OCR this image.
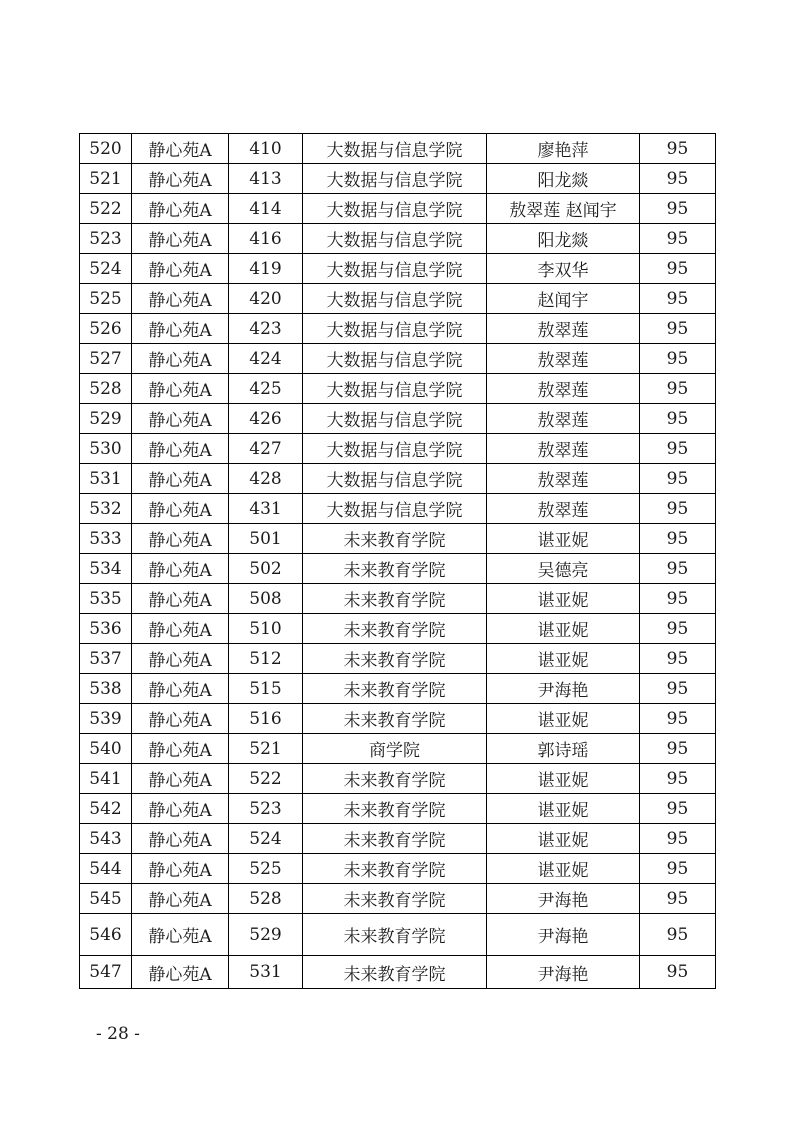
520	静心苑A	410	大数据与信息学院	廖艳萍	95
521	静心苑A	413	大数据与信息学院	阳龙燚	95
522	静心苑A	414	大数据与信息学院	敖翠莲 赵闻宇	95
523	静心苑A	416	大数据与信息学院	阳龙燚	95
524	静心苑A	419	大数据与信息学院	李双华	95
525	静心苑A	420	大数据与信息学院	赵闻宇	95
526	静心苑A	423	大数据与信息学院	敖翠莲	95
527	静心苑A	424	大数据与信息学院	敖翠莲	95
528	静心苑A	425	大数据与信息学院	敖翠莲	95
529	静心苑A	426	大数据与信息学院	敖翠莲	95
530	静心苑A	427	大数据与信息学院	敖翠莲	95
531	静心苑A	428	大数据与信息学院	敖翠莲	95
532	静心苑A	431	大数据与信息学院	敖翠莲	95
533	静心苑A	501	未来教育学院	谌亚妮	95
534	静心苑A	502	未来教育学院	吴德亮	95
535	静心苑A	508	未来教育学院	谌亚妮	95
536	静心苑A	510	未来教育学院	谌亚妮	95
537	静心苑A	512	未来教育学院	谌亚妮	95
538	静心苑A	515	未来教育学院	尹海艳	95
539	静心苑A	516	未来教育学院	谌亚妮	95
540	静心苑A	521	商学院	郭诗瑶	95
541	静心苑A	522	未来教育学院	谌亚妮	95
542	静心苑A	523	未来教育学院	谌亚妮	95
543	静心苑A	524	未来教育学院	谌亚妮	95
544	静心苑A	525	未来教育学院	谌亚妮	95
545	静心苑A	528	未来教育学院	尹海艳	95
546	静心苑A	529	未来教育学院	尹海艳	95
547	静心苑A	531	未来教育学院	尹海艳	95
- 28 -
